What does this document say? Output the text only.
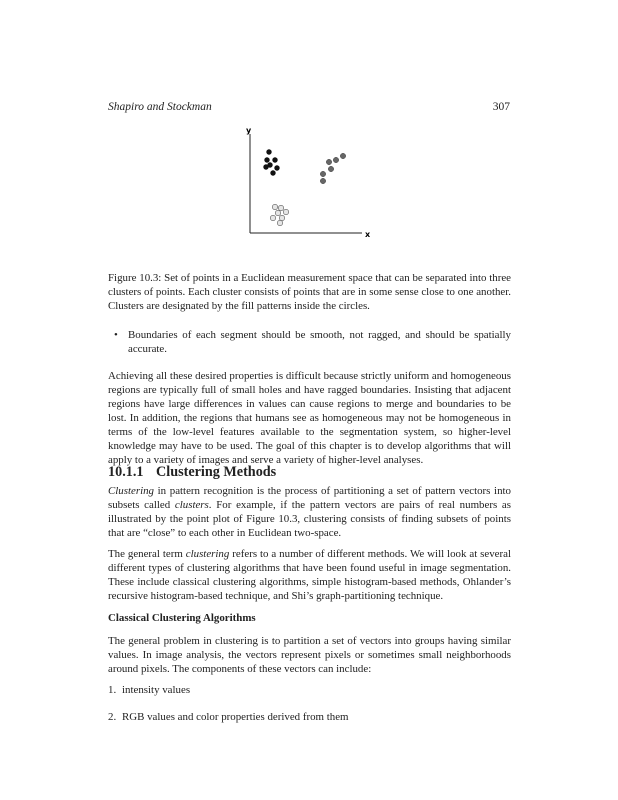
Shapiro and Stockman	307
y
x
Figure 10.3: Set of points in a Euclidean measurement space that can be separated into three clusters of points. Each cluster consists of points that are in some sense close to one another. Clusters are designated by the fill patterns inside the circles.
• Boundaries of each segment should be smooth, not ragged, and should be spatially accurate.
Achieving all these desired properties is difficult because strictly uniform and homogeneous regions are typically full of small holes and have ragged boundaries. Insisting that adjacent regions have large differences in values can cause regions to merge and boundaries to be lost. In addition, the regions that humans see as homogeneous may not be homogeneous in terms of the low-level features available to the segmentation system, so higher-level knowledge may have to be used. The goal of this chapter is to develop algorithms that will apply to a variety of images and serve a variety of higher-level analyses.
10.1.1 Clustering Methods
Clustering in pattern recognition is the process of partitioning a set of pattern vectors into subsets called clusters. For example, if the pattern vectors are pairs of real numbers as illustrated by the point plot of Figure 10.3, clustering consists of finding subsets of points that are “close” to each other in Euclidean two-space.
The general term clustering refers to a number of different methods. We will look at several different types of clustering algorithms that have been found useful in image segmentation. These include classical clustering algorithms, simple histogram-based methods, Ohlander’s recursive histogram-based technique, and Shi’s graph-partitioning technique.
Classical Clustering Algorithms
The general problem in clustering is to partition a set of vectors into groups having similar values. In image analysis, the vectors represent pixels or sometimes small neighborhoods around pixels. The components of these vectors can include:
1. intensity values
2. RGB values and color properties derived from them
